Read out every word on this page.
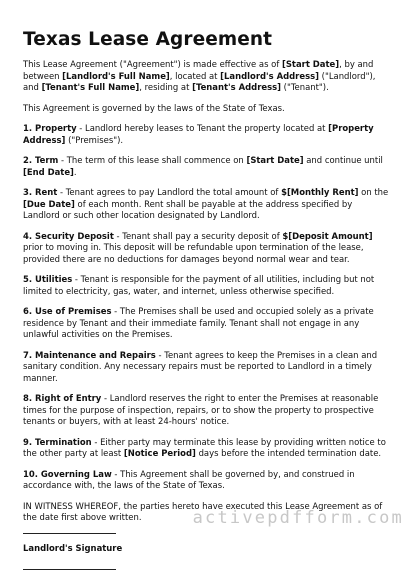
Texas Lease Agreement

This Lease Agreement ("Agreement") is made effective as of [Start Date], by and between [Landlord's Full Name], located at [Landlord's Address] ("Landlord"), and [Tenant's Full Name], residing at [Tenant's Address] ("Tenant").

This Agreement is governed by the laws of the State of Texas.

1. Property - Landlord hereby leases to Tenant the property located at [Property Address] ("Premises").

2. Term - The term of this lease shall commence on [Start Date] and continue until [End Date].

3. Rent - Tenant agrees to pay Landlord the total amount of $[Monthly Rent] on the [Due Date] of each month. Rent shall be payable at the address specified by Landlord or such other location designated by Landlord.

4. Security Deposit - Tenant shall pay a security deposit of $[Deposit Amount] prior to moving in. This deposit will be refundable upon termination of the lease, provided there are no deductions for damages beyond normal wear and tear.

5. Utilities - Tenant is responsible for the payment of all utilities, including but not limited to electricity, gas, water, and internet, unless otherwise specified.

6. Use of Premises - The Premises shall be used and occupied solely as a private residence by Tenant and their immediate family. Tenant shall not engage in any unlawful activities on the Premises.

7. Maintenance and Repairs - Tenant agrees to keep the Premises in a clean and sanitary condition. Any necessary repairs must be reported to Landlord in a timely manner.

8. Right of Entry - Landlord reserves the right to enter the Premises at reasonable times for the purpose of inspection, repairs, or to show the property to prospective tenants or buyers, with at least 24-hours' notice.

9. Termination - Either party may terminate this lease by providing written notice to the other party at least [Notice Period] days before the intended termination date.

10. Governing Law - This Agreement shall be governed by, and construed in accordance with, the laws of the State of Texas.

IN WITNESS WHEREOF, the parties hereto have executed this Lease Agreement as of the date first above written.

Landlord's Signature
activepdfform.com
